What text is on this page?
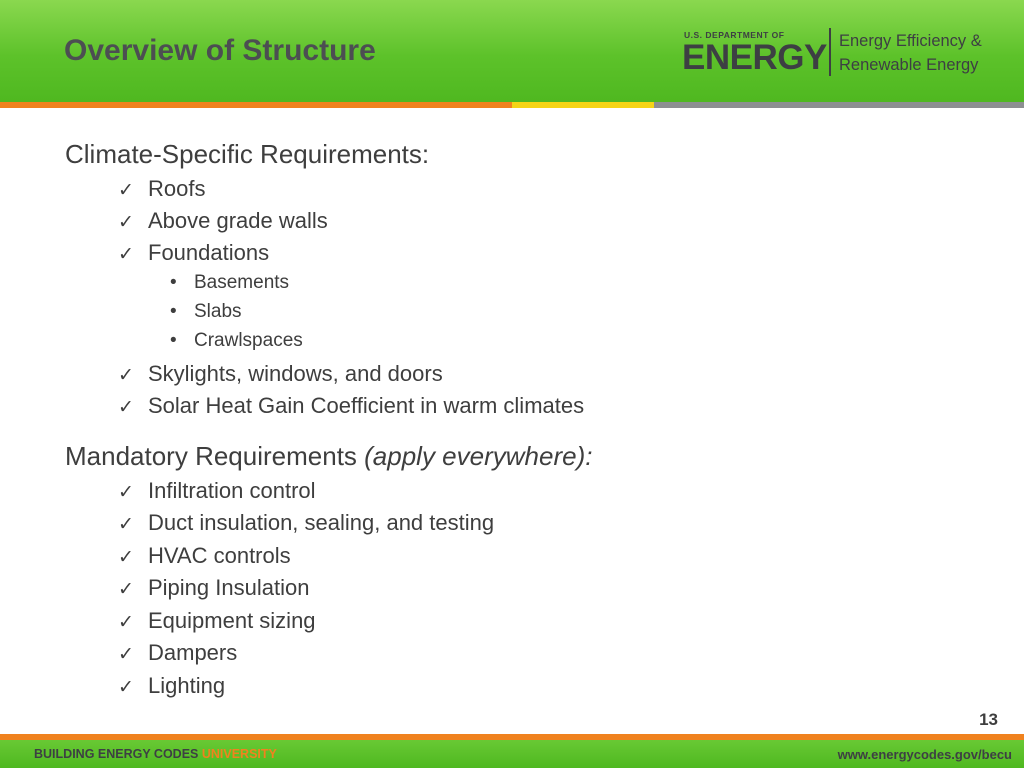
Overview of Structure	U.S. DEPARTMENT OF
ENERGY Energy Efficiency &
Renewable Energy
Climate-Specific Requirements:
✓ Roofs
✓ Above grade walls
✓ Foundations
• Basements
• Slabs
• Crawlspaces
✓ Skylights, windows, and doors
✓ Solar Heat Gain Coefficient in warm climates
Mandatory Requirements (apply everywhere):
✓ Infiltration control
✓ Duct insulation, sealing, and testing
✓ HVAC controls
✓ Piping Insulation
✓ Equipment sizing
✓ Dampers
✓ Lighting
13
BUILDING ENERGY CODES UNIVERSITY	www.energycodes.gov/becu
